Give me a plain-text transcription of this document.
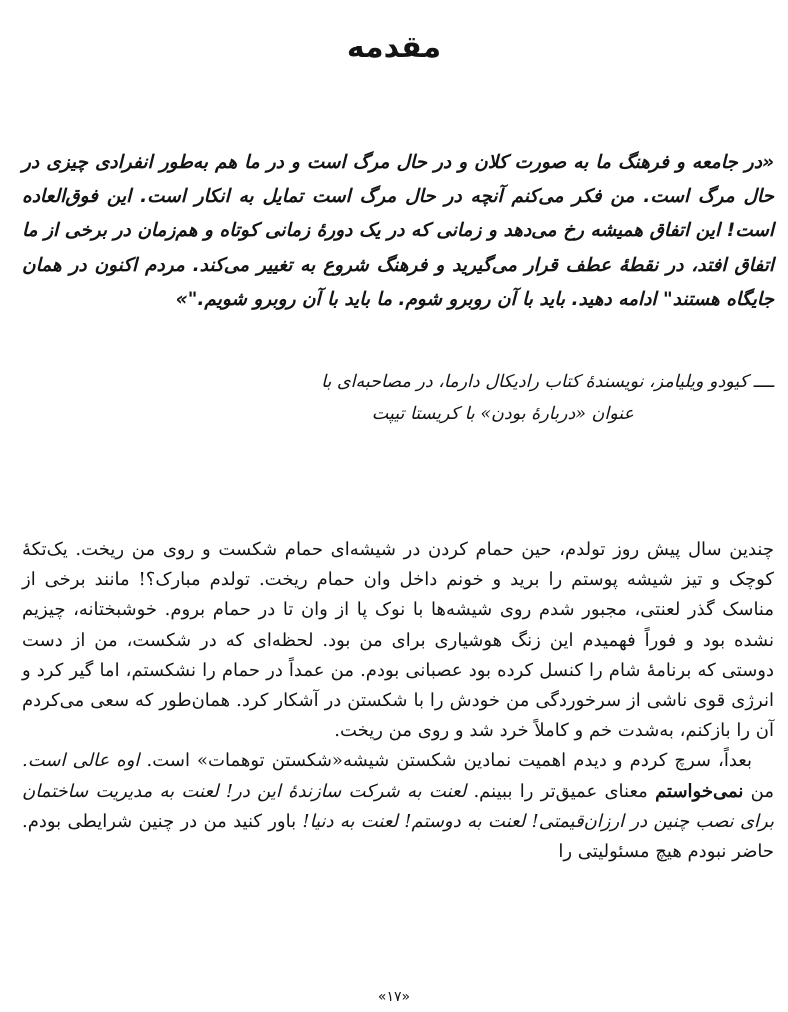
مقدمه

«در جامعه و فرهنگ ما به صورت کلان و در حال مرگ است و در ما هم به‌طور انفرادی چیزی در حال مرگ است. من فکر می‌کنم آنچه در حال مرگ است تمایل به انکار است. این فوق‌العاده است! این اتفاق همیشه رخ می‌دهد و زمانی که در یک دورهٔ زمانی کوتاه و هم‌زمان در برخی از ما اتفاق افتد، در نقطهٔ عطف قرار می‌گیرید و فرهنگ شروع به تغییر می‌کند. مردم اکنون در همان جایگاه هستند" ادامه دهید. باید با آن روبرو شوم. ما باید با آن روبرو شویم."»

ــــ کیودو ویلیامز، نویسندهٔ کتاب رادیکال دارما، در مصاحبه‌ای با
عنوان «دربارهٔ بودن» با کریستا تیپت

چندین سال پیش روز تولدم، حین حمام کردن در شیشه‌ای حمام شکست و روی من ریخت. یک‌تکهٔ کوچک و تیز شیشه پوستم را برید و خونم داخل وان حمام ریخت. تولدم مبارک؟! مانند برخی از مناسک گذر لعنتی، مجبور شدم روی شیشه‌ها با نوک پا از وان تا در حمام بروم. خوشبختانه، چیزیم نشده بود و فوراً فهمیدم این زنگ هوشیاری برای من بود. لحظه‌ای که در شکست، من از دست دوستی که برنامهٔ شام را کنسل کرده بود عصبانی بودم. من عمداً در حمام را نشکستم، اما گیر کرد و انرژی قوی ناشی از سرخوردگی من خودش را با شکستن در آشکار کرد. همان‌طور که سعی می‌کردم آن را بازکنم، به‌شدت خم و کاملاً خرد شد و روی من ریخت.

بعداً، سرچ کردم و دیدم اهمیت نمادین شکستن شیشه«شکستن توهمات» است. اوه عالی است. من نمی‌خواستم معنای عمیق‌تر را ببینم. لعنت به شرکت سازندهٔ این در! لعنت به مدیریت ساختمان برای نصب چنین در ارزان‌قیمتی! لعنت به دوستم! لعنت به دنیا! باور کنید من در چنین شرایطی بودم. حاضر نبودم هیچ مسئولیتی را

«۱۷»
